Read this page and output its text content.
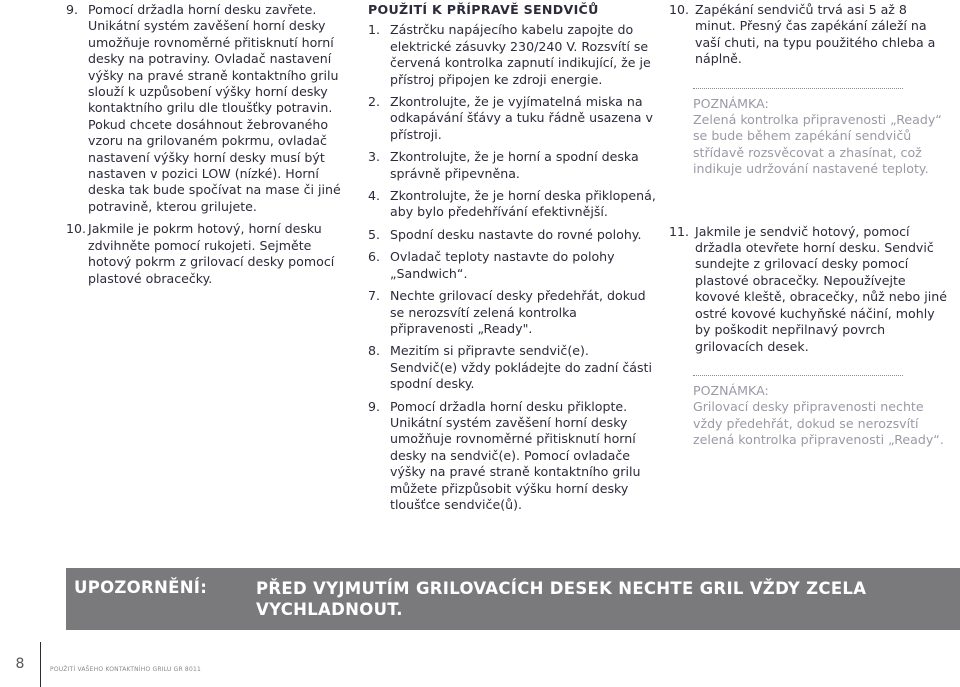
9. Pomocí držadla horní desku zavřete. Unikátní systém zavěšení horní desky umožňuje rovnoměrné přitisknutí horní desky na potraviny. Ovladač nastavení výšky na pravé straně kontaktního grilu slouží k uzpůsobení výšky horní desky kontaktního grilu dle tloušťky potravin. Pokud chcete dosáhnout žebrovaného vzoru na grilovaném pokrmu, ovladač nastavení výšky horní desky musí být nastaven v pozici LOW (nízké). Horní deska tak bude spočívat na mase či jiné potravině, kterou grilujete.
10. Jakmile je pokrm hotový, horní desku zdvihněte pomocí rukojeti. Sejměte hotový pokrm z grilovací desky pomocí plastové obracečky.
POUŽITÍ K PŘÍPRAVĚ SENDVIČŮ
1. Zástrčku napájecího kabelu zapojte do elektrické zásuvky 230/240 V. Rozsvítí se červená kontrolka zapnutí indikující, že je přístroj připojen ke zdroji energie.
2. Zkontrolujte, že je vyjímatelná miska na odkapávání šťávy a tuku řádně usazena v přístroji.
3. Zkontrolujte, že je horní a spodní deska správně připevněna.
4. Zkontrolujte, že je horní deska přiklopená, aby bylo předehřívání efektivnější.
5. Spodní desku nastavte do rovné polohy.
6. Ovladač teploty nastavte do polohy „Sandwich“.
7. Nechte grilovací desky předehřát, dokud se nerozsvítí zelená kontrolka připravenosti „Ready".
8. Mezitím si připravte sendvič(e). Sendvič(e) vždy pokládejte do zadní části spodní desky.
9. Pomocí držadla horní desku přiklopte. Unikátní systém zavěšení horní desky umožňuje rovnoměrné přitisknutí horní desky na sendvič(e). Pomocí ovladače výšky na pravé straně kontaktního grilu můžete přizpůsobit výšku horní desky tloušťce sendviče(ů).
10. Zapékání sendvičů trvá asi 5 až 8 minut. Přesný čas zapékání záleží na vaší chuti, na typu použitého chleba a náplně.

POZNÁMKA:

Zelená kontrolka připravenosti „Ready“ se bude během zapékání sendvičů střídavě rozsvěcovat a zhasínat, což indikuje udržování nastavené teploty.

11. Jakmile je sendvič hotový, pomocí držadla otevřete horní desku. Sendvič sundejte z grilovací desky pomocí plastové obracečky. Nepoužívejte kovové kleště, obracečky, nůž nebo jiné ostré kovové kuchyňské náčiní, mohly by poškodit nepřilnavý povrch grilovacích desek.

POZNÁMKA:

Grilovací desky připravenosti nechte vždy předehřát, dokud se nerozsvítí zelená kontrolka připravenosti „Ready“.

UPOZORNĚNÍ:	PŘED VYJMUTÍM GRILOVACÍCH DESEK NECHTE GRIL VŽDY ZCELA VYCHLADNOUT.
8	POUŽITÍ VAŠEHO KONTAKTNÍHO GRILU GR 8011
